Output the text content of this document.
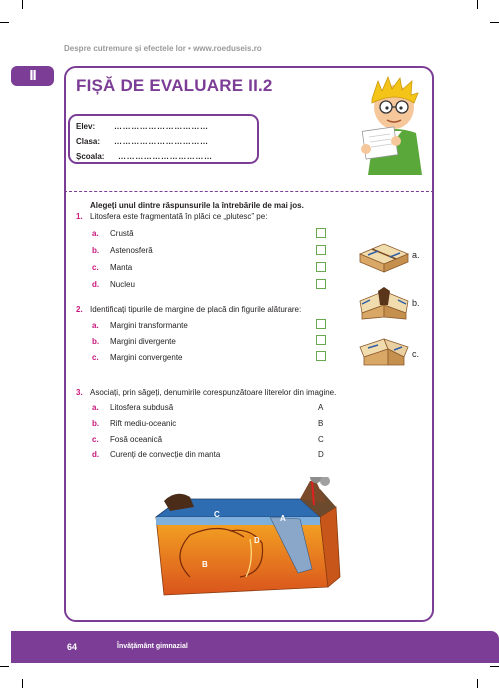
Despre cutremure și efectele lor • www.roedu​seis.ro
II
FIȘĂ DE EVALUARE II.2
Elev: ……………………………
Clasa: ……………………………
Școala: ……………………………
Alegeți unul dintre răspunsurile la întrebările de mai jos.
1. Litosfera este fragmentată în plăci ce „plutesc” pe:
a. Crustă
b. Astenosferă
c. Manta
d. Nucleu
2. Identificați tipurile de margine de placă din figurile alăturare:
a. Margini transformante
b. Margini divergente
c. Margini convergente
a.
b.
c.
3. Asociați, prin săgeți, denumirile corespunzătoare literelor din imagine.
a. Litosfera subdusă	A
b. Rift mediu-oceanic	B
c. Fosă oceanică	C
d. Curenți de convecție din manta	D
C	A
D
B
64	Învățământ gimnazial
